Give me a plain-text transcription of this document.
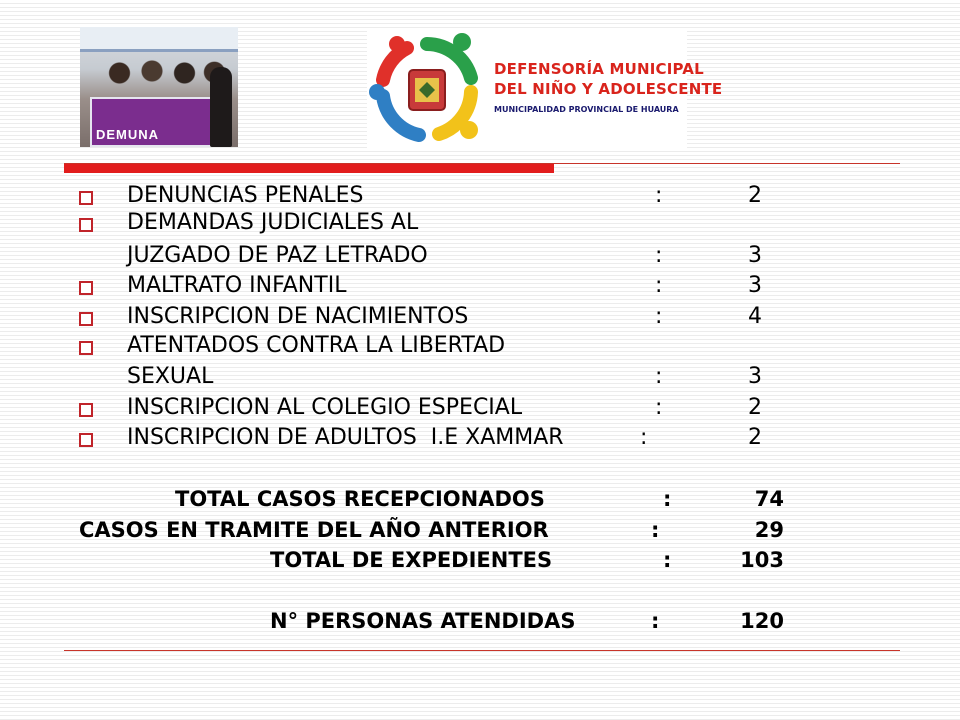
DEMUNA
DEFENSORÍA MUNICIPAL
DEL NIÑO Y ADOLESCENTE
MUNICIPALIDAD PROVINCIAL DE HUAURA
DENUNCIAS PENALES	:	2
DEMANDAS JUDICIALES AL
JUZGADO DE PAZ LETRADO	:	3
MALTRATO INFANTIL	:	3
INSCRIPCION DE NACIMIENTOS	:	4
ATENTADOS CONTRA LA LIBERTAD
SEXUAL	:	3
INSCRIPCION AL COLEGIO ESPECIAL	:	2
INSCRIPCION DE ADULTOS  I.E XAMMAR	:	2
TOTAL CASOS RECEPCIONADOS	:	74
CASOS EN TRAMITE DEL AÑO ANTERIOR	:	29
TOTAL DE EXPEDIENTES	:	103
N° PERSONAS ATENDIDAS	:	120
